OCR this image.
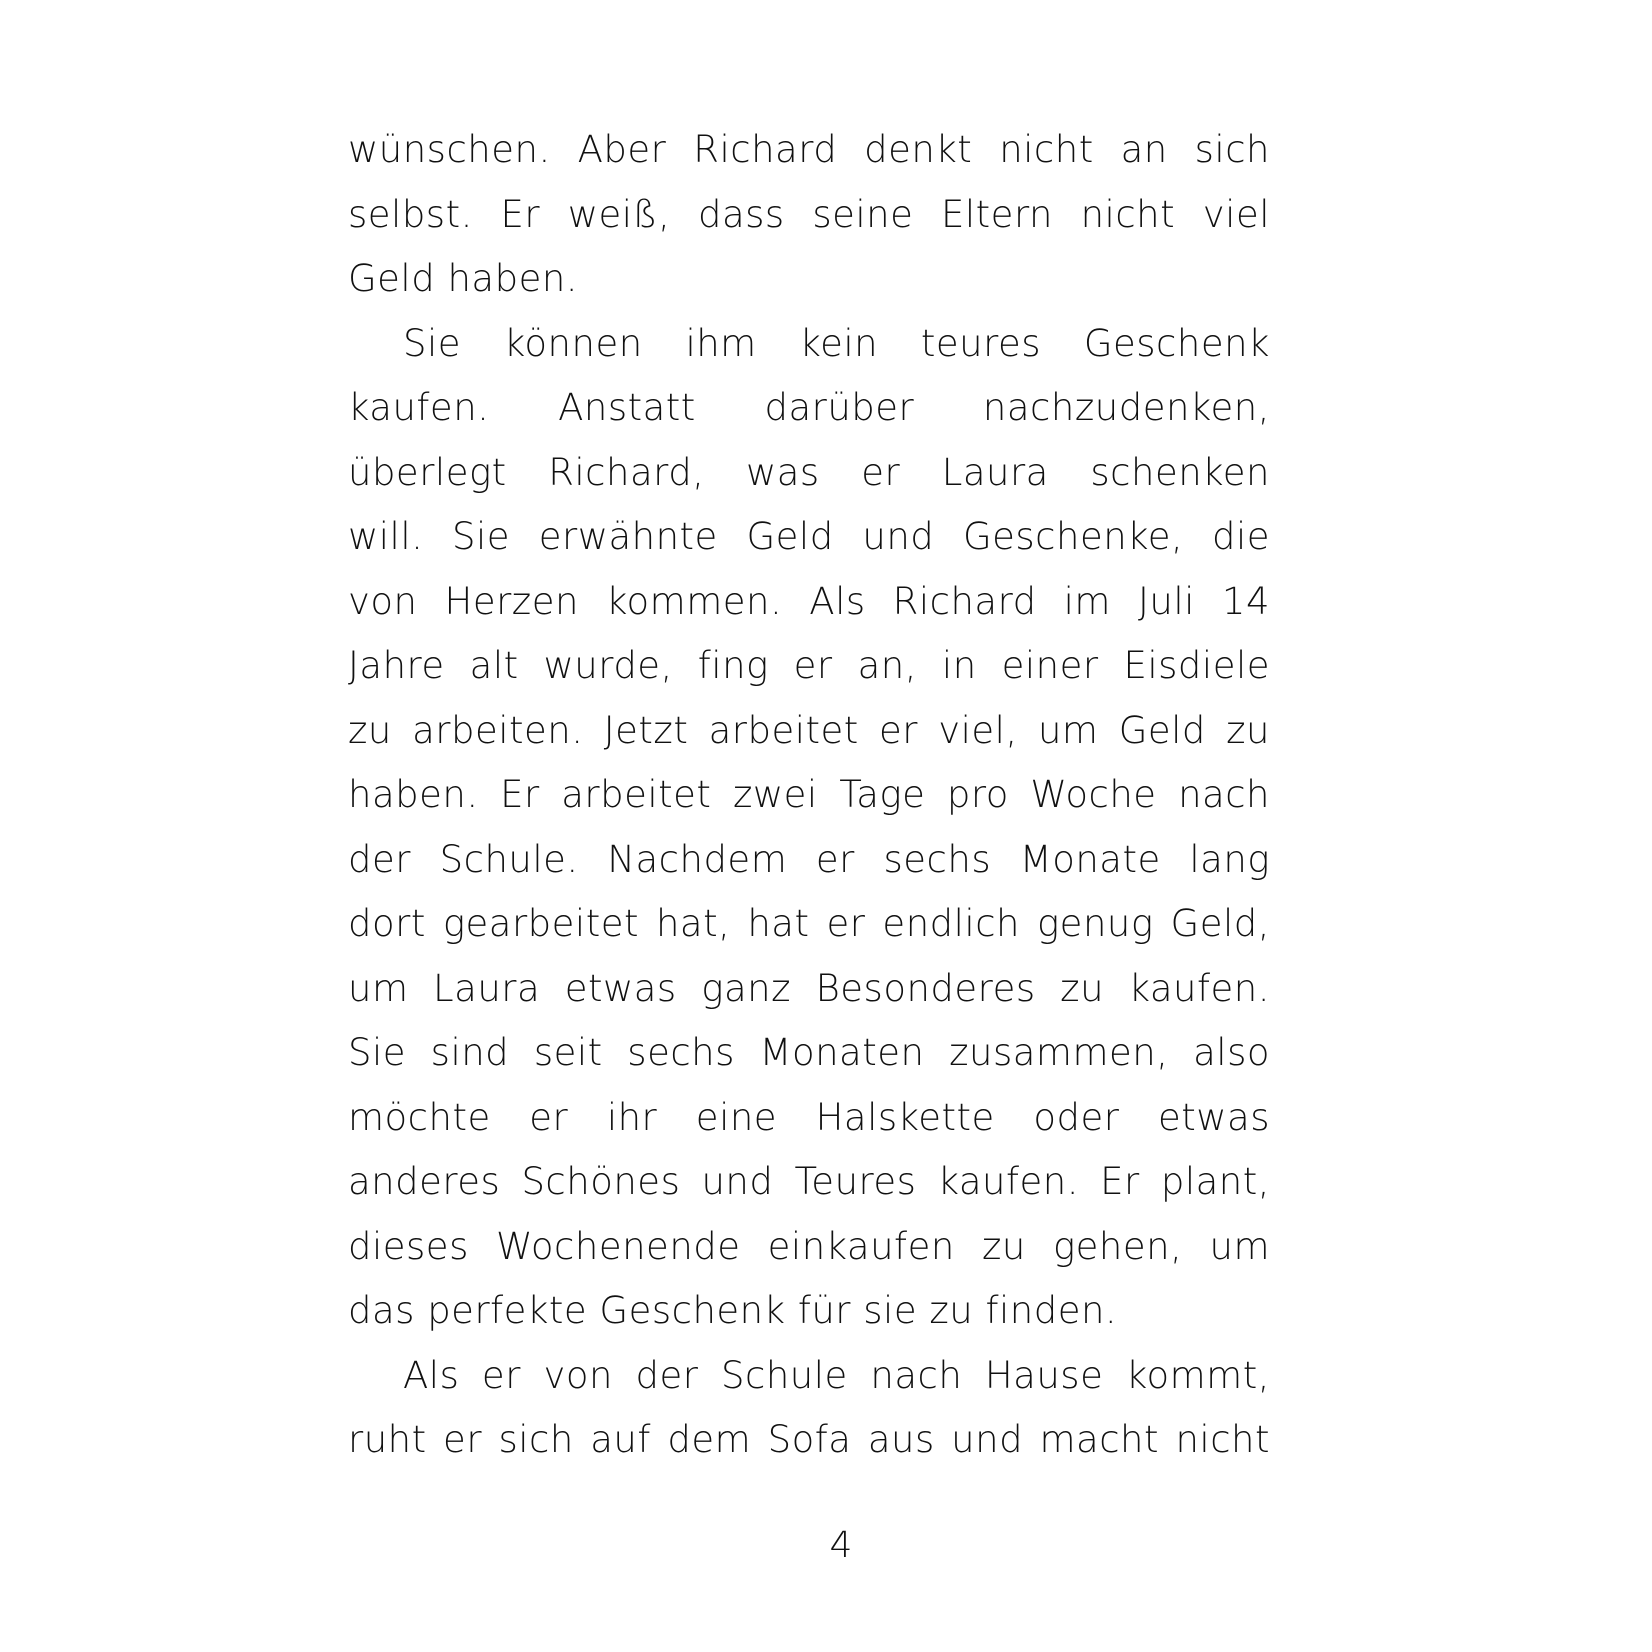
wünschen. Aber Richard denkt nicht an sich
selbst. Er weiß, dass seine Eltern nicht viel
Geld haben.
Sie können ihm kein teures Geschenk
kaufen. Anstatt darüber nachzudenken,
überlegt Richard, was er Laura schenken
will. Sie erwähnte Geld und Geschenke, die
von Herzen kommen. Als Richard im Juli 14
Jahre alt wurde, fing er an, in einer Eisdiele
zu arbeiten. Jetzt arbeitet er viel, um Geld zu
haben. Er arbeitet zwei Tage pro Woche nach
der Schule. Nachdem er sechs Monate lang
dort gearbeitet hat, hat er endlich genug Geld,
um Laura etwas ganz Besonderes zu kaufen.
Sie sind seit sechs Monaten zusammen, also
möchte er ihr eine Halskette oder etwas
anderes Schönes und Teures kaufen. Er plant,
dieses Wochenende einkaufen zu gehen, um
das perfekte Geschenk für sie zu finden.
Als er von der Schule nach Hause kommt,
ruht er sich auf dem Sofa aus und macht nicht
4
